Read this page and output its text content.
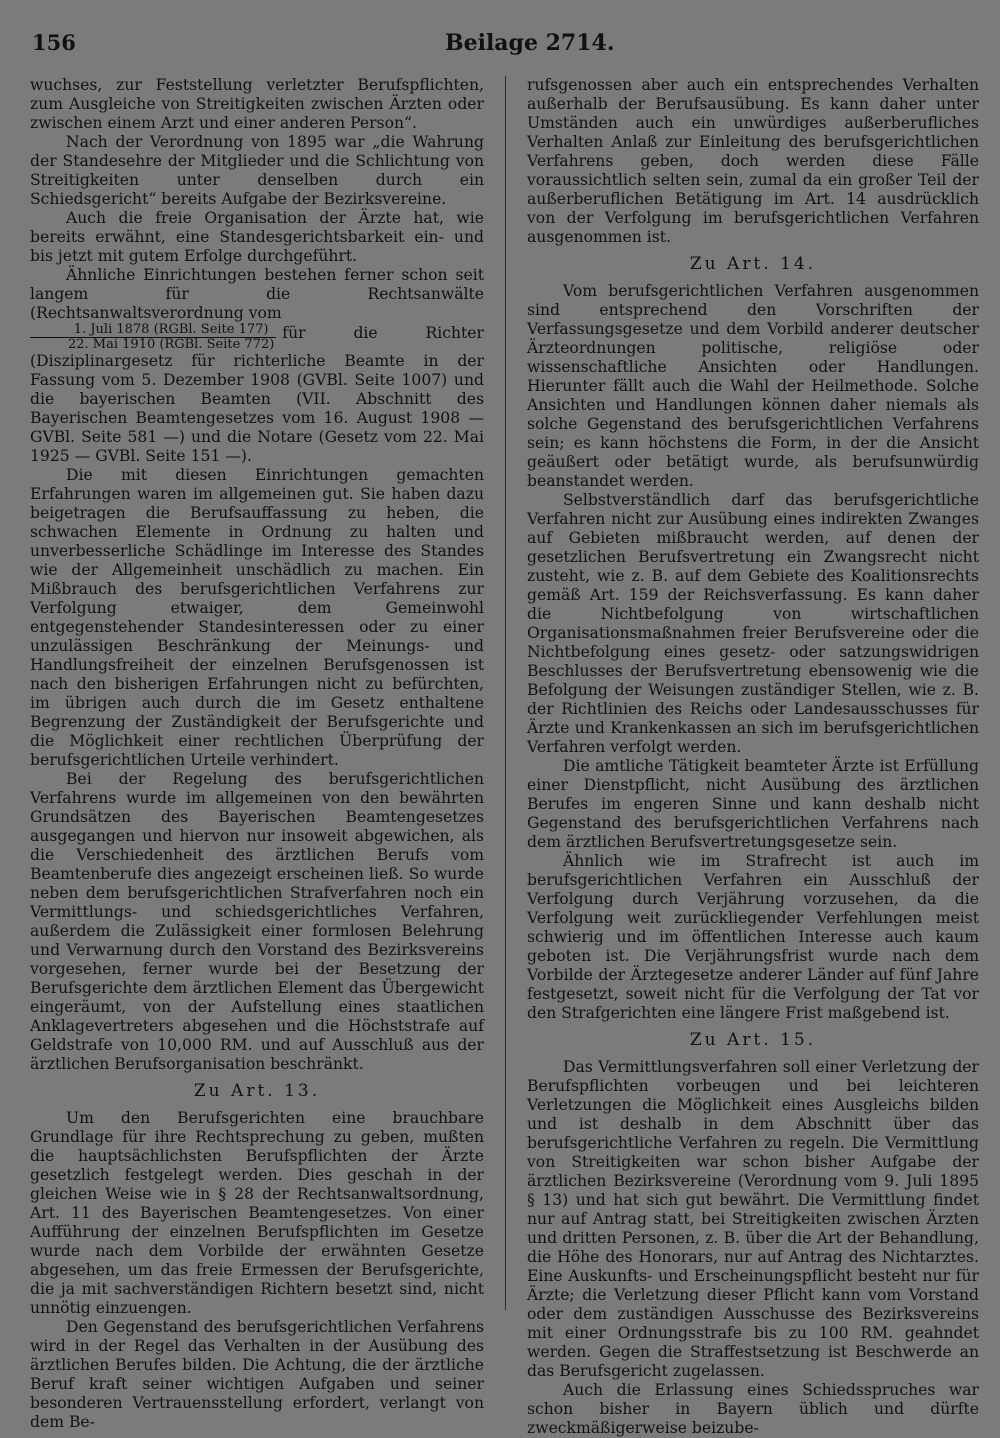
156	Beilage 2714.

wuchses, zur Feststellung verletzter Berufspflichten, zum Ausgleiche von Streitigkeiten zwischen Ärzten oder zwischen einem Arzt und einer anderen Person“.

Nach der Verordnung von 1895 war „die Wahrung der Standesehre der Mitglieder und die Schlichtung von Streitigkeiten unter denselben durch ein Schiedsgericht“ bereits Aufgabe der Bezirksvereine.

Auch die freie Organisation der Ärzte hat, wie bereits erwähnt, eine Standesgerichtsbarkeit ein- und bis jetzt mit gutem Erfolge durchgeführt.

Ähnliche Einrichtungen bestehen ferner schon seit langem für die Rechtsanwälte (Rechtsanwaltsverordnung vom

$\frac{\text{1. Juli 1878 (RGBl. Seite 177)}}{\text{22. Mai 1910 (RGBl. Seite 772)}}$ für die Richter (Disziplinargesetz für richterliche Beamte in der Fassung vom 5. Dezember 1908 (GVBl. Seite 1007) und die bayerischen Beamten (VII. Abschnitt des Bayerischen Beamtengesetzes vom 16. August 1908 — GVBl. Seite 581 —) und die Notare (Gesetz vom 22. Mai 1925 — GVBl. Seite 151 —).

Die mit diesen Einrichtungen gemachten Erfahrungen waren im allgemeinen gut. Sie haben dazu beigetragen die Berufsauffassung zu heben, die schwachen Elemente in Ordnung zu halten und unverbesserliche Schädlinge im Interesse des Standes wie der Allgemeinheit unschädlich zu machen. Ein Mißbrauch des berufsgerichtlichen Verfahrens zur Verfolgung etwaiger, dem Gemeinwohl entgegenstehender Standesinteressen oder zu einer unzulässigen Beschränkung der Meinungs- und Handlungsfreiheit der einzelnen Berufsgenossen ist nach den bisherigen Erfahrungen nicht zu befürchten, im übrigen auch durch die im Gesetz enthaltene Begrenzung der Zuständigkeit der Berufsgerichte und die Möglichkeit einer rechtlichen Überprüfung der berufsgerichtlichen Urteile verhindert.

Bei der Regelung des berufsgerichtlichen Verfahrens wurde im allgemeinen von den bewährten Grundsätzen des Bayerischen Beamtengesetzes ausgegangen und hiervon nur insoweit abgewichen, als die Verschiedenheit des ärztlichen Berufs vom Beamtenberufe dies angezeigt erscheinen ließ. So wurde neben dem berufsgerichtlichen Strafverfahren noch ein Vermittlungs- und schiedsgerichtliches Verfahren, außerdem die Zulässigkeit einer formlosen Belehrung und Verwarnung durch den Vorstand des Bezirksvereins vorgesehen, ferner wurde bei der Besetzung der Berufsgerichte dem ärztlichen Element das Übergewicht eingeräumt, von der Aufstellung eines staatlichen Anklagevertreters abgesehen und die Höchststrafe auf Geldstrafe von 10,000 RM. und auf Ausschluß aus der ärztlichen Berufsorganisation beschränkt.

Zu Art. 13.

Um den Berufsgerichten eine brauchbare Grundlage für ihre Rechtsprechung zu geben, mußten die hauptsächlichsten Berufspflichten der Ärzte gesetzlich festgelegt werden. Dies geschah in der gleichen Weise wie in § 28 der Rechtsanwaltsordnung, Art. 11 des Bayerischen Beamtengesetzes. Von einer Aufführung der einzelnen Berufspflichten im Gesetze wurde nach dem Vorbilde der erwähnten Gesetze abgesehen, um das freie Ermessen der Berufsgerichte, die ja mit sachverständigen Richtern besetzt sind, nicht unnötig einzuengen.

Den Gegenstand des berufsgerichtlichen Verfahrens wird in der Regel das Verhalten in der Ausübung des ärztlichen Berufes bilden. Die Achtung, die der ärztliche Beruf kraft seiner wichtigen Aufgaben und seiner besonderen Vertrauensstellung erfordert, verlangt von dem Be-

rufsgenossen aber auch ein entsprechendes Verhalten außerhalb der Berufsausübung. Es kann daher unter Umständen auch ein unwürdiges außerberufliches Verhalten Anlaß zur Einleitung des berufsgerichtlichen Verfahrens geben, doch werden diese Fälle voraussichtlich selten sein, zumal da ein großer Teil der außerberuflichen Betätigung im Art. 14 ausdrücklich von der Verfolgung im berufsgerichtlichen Verfahren ausgenommen ist.

Zu Art. 14.

Vom berufsgerichtlichen Verfahren ausgenommen sind entsprechend den Vorschriften der Verfassungsgesetze und dem Vorbild anderer deutscher Ärzteordnungen politische, religiöse oder wissenschaftliche Ansichten oder Handlungen. Hierunter fällt auch die Wahl der Heilmethode. Solche Ansichten und Handlungen können daher niemals als solche Gegenstand des berufsgerichtlichen Verfahrens sein; es kann höchstens die Form, in der die Ansicht geäußert oder betätigt wurde, als berufsunwürdig beanstandet werden.

Selbstverständlich darf das berufsgerichtliche Verfahren nicht zur Ausübung eines indirekten Zwanges auf Gebieten mißbraucht werden, auf denen der gesetzlichen Berufsvertretung ein Zwangsrecht nicht zusteht, wie z. B. auf dem Gebiete des Koalitionsrechts gemäß Art. 159 der Reichsverfassung. Es kann daher die Nichtbefolgung von wirtschaftlichen Organisationsmaßnahmen freier Berufsvereine oder die Nichtbefolgung eines gesetz- oder satzungswidrigen Beschlusses der Berufsvertretung ebensowenig wie die Befolgung der Weisungen zuständiger Stellen, wie z. B. der Richtlinien des Reichs oder Landesausschusses für Ärzte und Krankenkassen an sich im berufsgerichtlichen Verfahren verfolgt werden.

Die amtliche Tätigkeit beamteter Ärzte ist Erfüllung einer Dienstpflicht, nicht Ausübung des ärztlichen Berufes im engeren Sinne und kann deshalb nicht Gegenstand des berufsgerichtlichen Verfahrens nach dem ärztlichen Berufsvertretungsgesetze sein.

Ähnlich wie im Strafrecht ist auch im berufsgerichtlichen Verfahren ein Ausschluß der Verfolgung durch Verjährung vorzusehen, da die Verfolgung weit zurückliegender Verfehlungen meist schwierig und im öffentlichen Interesse auch kaum geboten ist. Die Verjährungsfrist wurde nach dem Vorbilde der Ärztegesetze anderer Länder auf fünf Jahre festgesetzt, soweit nicht für die Verfolgung der Tat vor den Strafgerichten eine längere Frist maßgebend ist.

Zu Art. 15.

Das Vermittlungsverfahren soll einer Verletzung der Berufspflichten vorbeugen und bei leichteren Verletzungen die Möglichkeit eines Ausgleichs bilden und ist deshalb in dem Abschnitt über das berufsgerichtliche Verfahren zu regeln. Die Vermittlung von Streitigkeiten war schon bisher Aufgabe der ärztlichen Bezirksvereine (Verordnung vom 9. Juli 1895 § 13) und hat sich gut bewährt. Die Vermittlung findet nur auf Antrag statt, bei Streitigkeiten zwischen Ärzten und dritten Personen, z. B. über die Art der Behandlung, die Höhe des Honorars, nur auf Antrag des Nichtarztes. Eine Auskunfts- und Erscheinungspflicht besteht nur für Ärzte; die Verletzung dieser Pflicht kann vom Vorstand oder dem zuständigen Ausschusse des Bezirksvereins mit einer Ordnungsstrafe bis zu 100 RM. geahndet werden. Gegen die Straffestsetzung ist Beschwerde an das Berufsgericht zugelassen.

Auch die Erlassung eines Schiedsspruches war schon bisher in Bayern üblich und dürfte zweckmäßigerweise beizube-
